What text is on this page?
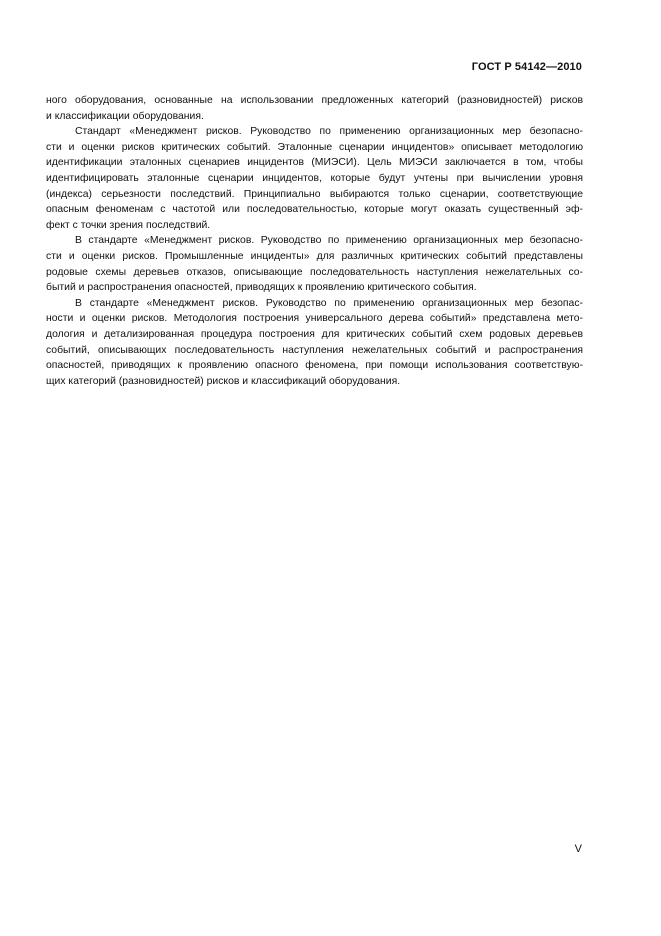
ГОСТ Р 54142—2010
ного оборудования, основанные на использовании предложенных категорий (разновидностей) рисков
и классификации оборудования.
Стандарт «Менеджмент рисков. Руководство по применению организационных мер безопасно-
сти и оценки рисков критических событий. Эталонные сценарии инцидентов» описывает методологию
идентификации эталонных сценариев инцидентов (МИЭСИ). Цель МИЭСИ заключается в том, чтобы
идентифицировать эталонные сценарии инцидентов, которые будут учтены при вычислении уровня
(индекса) серьезности последствий. Принципиально выбираются только сценарии, соответствующие
опасным феноменам с частотой или последовательностью, которые могут оказать существенный эф-
фект с точки зрения последствий.
В стандарте «Менеджмент рисков. Руководство по применению организационных мер безопасно-
сти и оценки рисков. Промышленные инциденты» для различных критических событий представлены
родовые схемы деревьев отказов, описывающие последовательность наступления нежелательных со-
бытий и распространения опасностей, приводящих к проявлению критического события.
В стандарте «Менеджмент рисков. Руководство по применению организационных мер безопас-
ности и оценки рисков. Методология построения универсального дерева событий» представлена мето-
дология и детализированная процедура построения для критических событий схем родовых деревьев
событий, описывающих последовательность наступления нежелательных событий и распространения
опасностей, приводящих к проявлению опасного феномена, при помощи использования соответствую-
щих категорий (разновидностей) рисков и классификаций оборудования.
V
